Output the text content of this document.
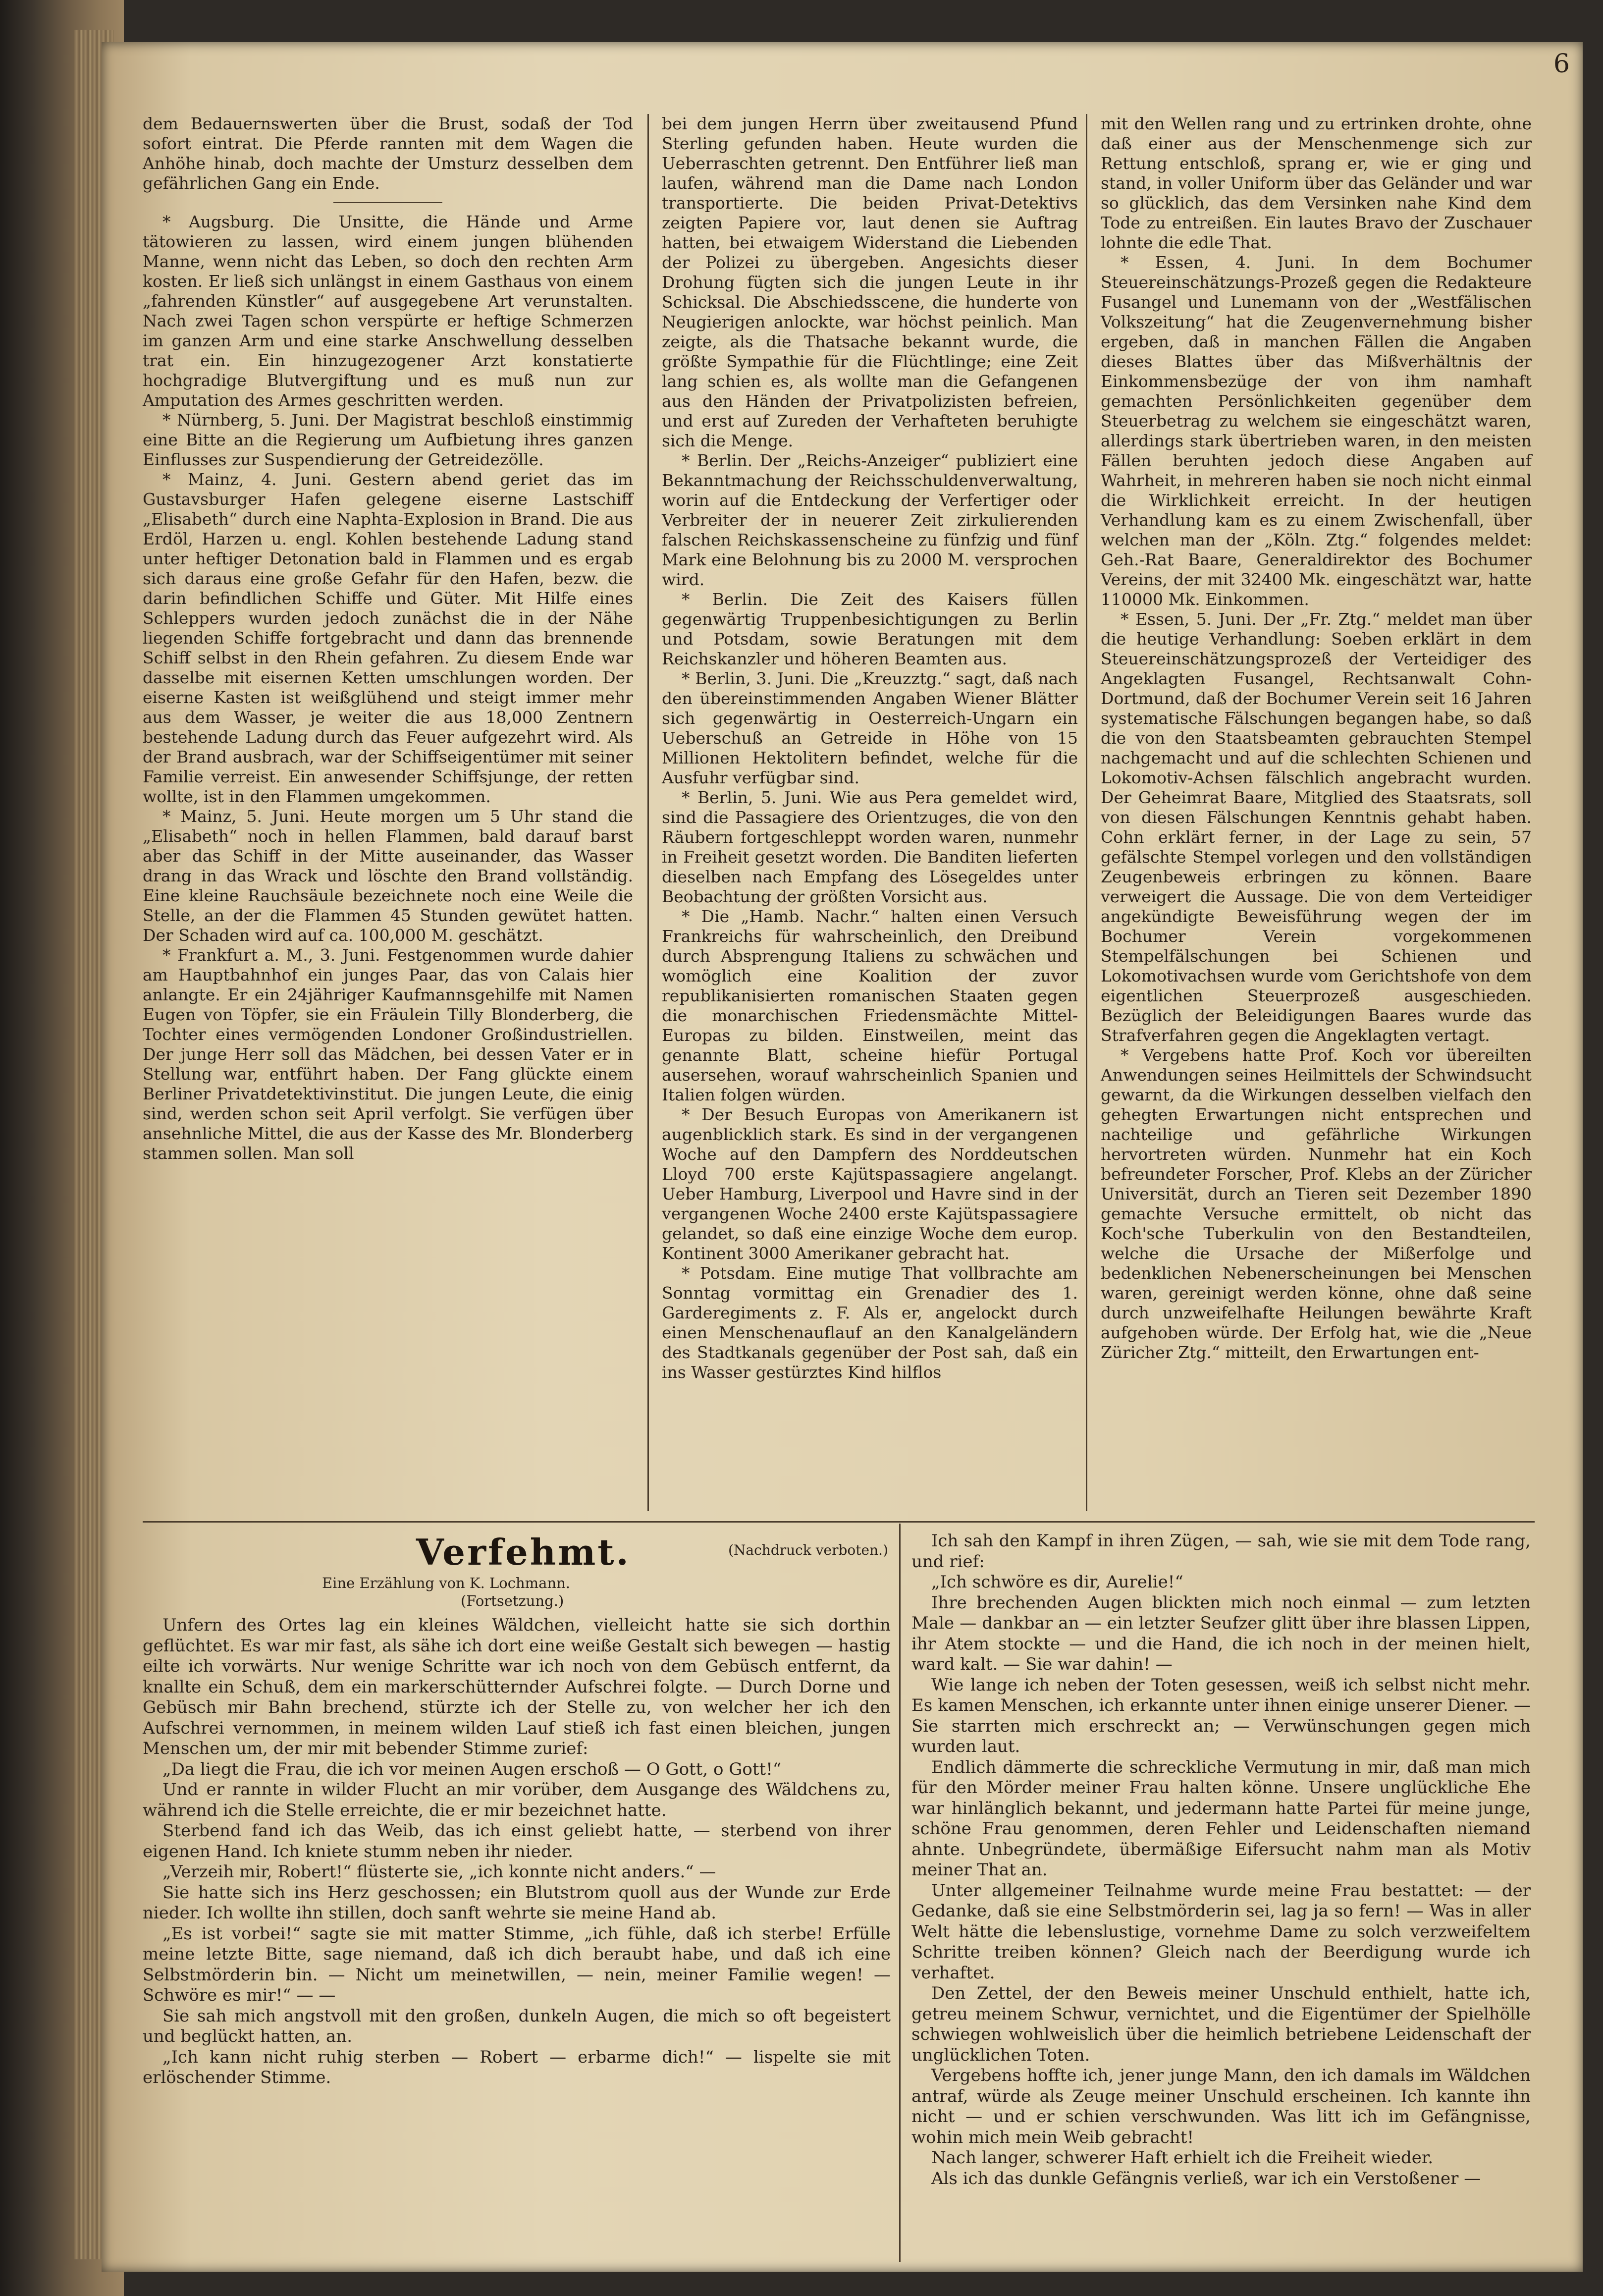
6

dem Bedauernswerten über die Brust, sodaß der Tod sofort eintrat. Die Pferde rannten mit dem Wagen die Anhöhe hinab, doch machte der Umsturz desselben dem gefährlichen Gang ein Ende.

* Augsburg. Die Unsitte, die Hände und Arme tätowieren zu lassen, wird einem jungen blühenden Manne, wenn nicht das Leben, so doch den rechten Arm kosten. Er ließ sich unlängst in einem Gasthaus von einem „fahrenden Künstler“ auf ausgegebene Art verunstalten. Nach zwei Tagen schon verspürte er heftige Schmerzen im ganzen Arm und eine starke Anschwellung desselben trat ein. Ein hinzugezogener Arzt konstatierte hochgradige Blutvergiftung und es muß nun zur Amputation des Armes geschritten werden.

* Nürnberg, 5. Juni. Der Magistrat beschloß einstimmig eine Bitte an die Regierung um Aufbietung ihres ganzen Einflusses zur Suspendierung der Getreidezölle.

* Mainz, 4. Juni. Gestern abend geriet das im Gustavsburger Hafen gelegene eiserne Lastschiff „Elisabeth“ durch eine Naphta-Explosion in Brand. Die aus Erdöl, Harzen u. engl. Kohlen bestehende Ladung stand unter heftiger Detonation bald in Flammen und es ergab sich daraus eine große Gefahr für den Hafen, bezw. die darin befindlichen Schiffe und Güter. Mit Hilfe eines Schleppers wurden jedoch zunächst die in der Nähe liegenden Schiffe fortgebracht und dann das brennende Schiff selbst in den Rhein gefahren. Zu diesem Ende war dasselbe mit eisernen Ketten umschlungen worden. Der eiserne Kasten ist weißglühend und steigt immer mehr aus dem Wasser, je weiter die aus 18,000 Zentnern bestehende Ladung durch das Feuer aufgezehrt wird. Als der Brand ausbrach, war der Schiffseigentümer mit seiner Familie verreist. Ein anwesender Schiffsjunge, der retten wollte, ist in den Flammen umgekommen.

* Mainz, 5. Juni. Heute morgen um 5 Uhr stand die „Elisabeth“ noch in hellen Flammen, bald darauf barst aber das Schiff in der Mitte auseinander, das Wasser drang in das Wrack und löschte den Brand vollständig. Eine kleine Rauchsäule bezeichnete noch eine Weile die Stelle, an der die Flammen 45 Stunden gewütet hatten. Der Schaden wird auf ca. 100,000 M. geschätzt.

* Frankfurt a. M., 3. Juni. Festgenommen wurde dahier am Hauptbahnhof ein junges Paar, das von Calais hier anlangte. Er ein 24jähriger Kaufmannsgehilfe mit Namen Eugen von Töpfer, sie ein Fräulein Tilly Blonderberg, die Tochter eines vermögenden Londoner Großindustriellen. Der junge Herr soll das Mädchen, bei dessen Vater er in Stellung war, entführt haben. Der Fang glückte einem Berliner Privatdetektivinstitut. Die jungen Leute, die einig sind, werden schon seit April verfolgt. Sie verfügen über ansehnliche Mittel, die aus der Kasse des Mr. Blonderberg stammen sollen. Man soll

bei dem jungen Herrn über zweitausend Pfund Sterling gefunden haben. Heute wurden die Ueberraschten getrennt. Den Entführer ließ man laufen, während man die Dame nach London transportierte. Die beiden Privat-Detektivs zeigten Papiere vor, laut denen sie Auftrag hatten, bei etwaigem Widerstand die Liebenden der Polizei zu übergeben. Angesichts dieser Drohung fügten sich die jungen Leute in ihr Schicksal. Die Abschiedsscene, die hunderte von Neugierigen anlockte, war höchst peinlich. Man zeigte, als die Thatsache bekannt wurde, die größte Sympathie für die Flüchtlinge; eine Zeit lang schien es, als wollte man die Gefangenen aus den Händen der Privatpolizisten befreien, und erst auf Zureden der Verhafteten beruhigte sich die Menge.

* Berlin. Der „Reichs-Anzeiger“ publiziert eine Bekanntmachung der Reichsschuldenverwaltung, worin auf die Entdeckung der Verfertiger oder Verbreiter der in neuerer Zeit zirkulierenden falschen Reichskassenscheine zu fünfzig und fünf Mark eine Belohnung bis zu 2000 M. versprochen wird.

* Berlin. Die Zeit des Kaisers füllen gegenwärtig Truppenbesichtigungen zu Berlin und Potsdam, sowie Beratungen mit dem Reichskanzler und höheren Beamten aus.

* Berlin, 3. Juni. Die „Kreuzztg.“ sagt, daß nach den übereinstimmenden Angaben Wiener Blätter sich gegenwärtig in Oesterreich-Ungarn ein Ueberschuß an Getreide in Höhe von 15 Millionen Hektolitern befindet, welche für die Ausfuhr verfügbar sind.

* Berlin, 5. Juni. Wie aus Pera gemeldet wird, sind die Passagiere des Orientzuges, die von den Räubern fortgeschleppt worden waren, nunmehr in Freiheit gesetzt worden. Die Banditen lieferten dieselben nach Empfang des Lösegeldes unter Beobachtung der größten Vorsicht aus.

* Die „Hamb. Nachr.“ halten einen Versuch Frankreichs für wahrscheinlich, den Dreibund durch Absprengung Italiens zu schwächen und womöglich eine Koalition der zuvor republikanisierten romanischen Staaten gegen die monarchischen Friedensmächte Mittel-Europas zu bilden. Einstweilen, meint das genannte Blatt, scheine hiefür Portugal ausersehen, worauf wahrscheinlich Spanien und Italien folgen würden.

* Der Besuch Europas von Amerikanern ist augenblicklich stark. Es sind in der vergangenen Woche auf den Dampfern des Norddeutschen Lloyd 700 erste Kajütspassagiere angelangt. Ueber Hamburg, Liverpool und Havre sind in der vergangenen Woche 2400 erste Kajütspassagiere gelandet, so daß eine einzige Woche dem europ. Kontinent 3000 Amerikaner gebracht hat.

* Potsdam. Eine mutige That vollbrachte am Sonntag vormittag ein Grenadier des 1. Garderegiments z. F. Als er, angelockt durch einen Menschenauflauf an den Kanalgeländern des Stadtkanals gegenüber der Post sah, daß ein ins Wasser gestürztes Kind hilflos

mit den Wellen rang und zu ertrinken drohte, ohne daß einer aus der Menschenmenge sich zur Rettung entschloß, sprang er, wie er ging und stand, in voller Uniform über das Geländer und war so glücklich, das dem Versinken nahe Kind dem Tode zu entreißen. Ein lautes Bravo der Zuschauer lohnte die edle That.

* Essen, 4. Juni. In dem Bochumer Steuereinschätzungs-Prozeß gegen die Redakteure Fusangel und Lunemann von der „Westfälischen Volkszeitung“ hat die Zeugenvernehmung bisher ergeben, daß in manchen Fällen die Angaben dieses Blattes über das Mißverhältnis der Einkommensbezüge der von ihm namhaft gemachten Persönlichkeiten gegenüber dem Steuerbetrag zu welchem sie eingeschätzt waren, allerdings stark übertrieben waren, in den meisten Fällen beruhten jedoch diese Angaben auf Wahrheit, in mehreren haben sie noch nicht einmal die Wirklichkeit erreicht. In der heutigen Verhandlung kam es zu einem Zwischenfall, über welchen man der „Köln. Ztg.“ folgendes meldet: Geh.-Rat Baare, Generaldirektor des Bochumer Vereins, der mit 32400 Mk. eingeschätzt war, hatte 110000 Mk. Einkommen.

* Essen, 5. Juni. Der „Fr. Ztg.“ meldet man über die heutige Verhandlung: Soeben erklärt in dem Steuereinschätzungsprozeß der Verteidiger des Angeklagten Fusangel, Rechtsanwalt Cohn-Dortmund, daß der Bochumer Verein seit 16 Jahren systematische Fälschungen begangen habe, so daß die von den Staatsbeamten gebrauchten Stempel nachgemacht und auf die schlechten Schienen und Lokomotiv-Achsen fälschlich angebracht wurden. Der Geheimrat Baare, Mitglied des Staatsrats, soll von diesen Fälschungen Kenntnis gehabt haben. Cohn erklärt ferner, in der Lage zu sein, 57 gefälschte Stempel vorlegen und den vollständigen Zeugenbeweis erbringen zu können. Baare verweigert die Aussage. Die von dem Verteidiger angekündigte Beweisführung wegen der im Bochumer Verein vorgekommenen Stempelfälschungen bei Schienen und Lokomotivachsen wurde vom Gerichtshofe von dem eigentlichen Steuerprozeß ausgeschieden. Bezüglich der Beleidigungen Baares wurde das Strafverfahren gegen die Angeklagten vertagt.

* Vergebens hatte Prof. Koch vor übereilten Anwendungen seines Heilmittels der Schwindsucht gewarnt, da die Wirkungen desselben vielfach den gehegten Erwartungen nicht entsprechen und nachteilige und gefährliche Wirkungen hervortreten würden. Nunmehr hat ein Koch befreundeter Forscher, Prof. Klebs an der Züricher Universität, durch an Tieren seit Dezember 1890 gemachte Versuche ermittelt, ob nicht das Koch'sche Tuberkulin von den Bestandteilen, welche die Ursache der Mißerfolge und bedenklichen Nebenerscheinungen bei Menschen waren, gereinigt werden könne, ohne daß seine durch unzweifelhafte Heilungen bewährte Kraft aufgehoben würde. Der Erfolg hat, wie die „Neue Züricher Ztg.“ mitteilt, den Erwartungen ent-

Verfehmt.	(Nachdruck verboten.)
Eine Erzählung von K. Lochmann.
(Fortsetzung.)

Unfern des Ortes lag ein kleines Wäldchen, vielleicht hatte sie sich dorthin geflüchtet. Es war mir fast, als sähe ich dort eine weiße Gestalt sich bewegen — hastig eilte ich vorwärts. Nur wenige Schritte war ich noch von dem Gebüsch entfernt, da knallte ein Schuß, dem ein markerschütternder Aufschrei folgte. — Durch Dorne und Gebüsch mir Bahn brechend, stürzte ich der Stelle zu, von welcher her ich den Aufschrei vernommen, in meinem wilden Lauf stieß ich fast einen bleichen, jungen Menschen um, der mir mit bebender Stimme zurief:

„Da liegt die Frau, die ich vor meinen Augen erschoß — O Gott, o Gott!“

Und er rannte in wilder Flucht an mir vorüber, dem Ausgange des Wäldchens zu, während ich die Stelle erreichte, die er mir bezeichnet hatte.

Sterbend fand ich das Weib, das ich einst geliebt hatte, — sterbend von ihrer eigenen Hand. Ich kniete stumm neben ihr nieder.

„Verzeih mir, Robert!“ flüsterte sie, „ich konnte nicht anders.“ —

Sie hatte sich ins Herz geschossen; ein Blutstrom quoll aus der Wunde zur Erde nieder. Ich wollte ihn stillen, doch sanft wehrte sie meine Hand ab.

„Es ist vorbei!“ sagte sie mit matter Stimme, „ich fühle, daß ich sterbe! Erfülle meine letzte Bitte, sage niemand, daß ich dich beraubt habe, und daß ich eine Selbstmörderin bin. — Nicht um meinetwillen, — nein, meiner Familie wegen! — Schwöre es mir!“ — —

Sie sah mich angstvoll mit den großen, dunkeln Augen, die mich so oft begeistert und beglückt hatten, an.

„Ich kann nicht ruhig sterben — Robert — erbarme dich!“ — lispelte sie mit erlöschender Stimme.

Ich sah den Kampf in ihren Zügen, — sah, wie sie mit dem Tode rang, und rief:

„Ich schwöre es dir, Aurelie!“

Ihre brechenden Augen blickten mich noch einmal — zum letzten Male — dankbar an — ein letzter Seufzer glitt über ihre blassen Lippen, ihr Atem stockte — und die Hand, die ich noch in der meinen hielt, ward kalt. — Sie war dahin! —

Wie lange ich neben der Toten gesessen, weiß ich selbst nicht mehr. Es kamen Menschen, ich erkannte unter ihnen einige unserer Diener. — Sie starrten mich erschreckt an; — Verwünschungen gegen mich wurden laut.

Endlich dämmerte die schreckliche Vermutung in mir, daß man mich für den Mörder meiner Frau halten könne. Unsere unglückliche Ehe war hinlänglich bekannt, und jedermann hatte Partei für meine junge, schöne Frau genommen, deren Fehler und Leidenschaften niemand ahnte. Unbegründete, übermäßige Eifersucht nahm man als Motiv meiner That an.

Unter allgemeiner Teilnahme wurde meine Frau bestattet: — der Gedanke, daß sie eine Selbstmörderin sei, lag ja so fern! — Was in aller Welt hätte die lebenslustige, vornehme Dame zu solch verzweifeltem Schritte treiben können? Gleich nach der Beerdigung wurde ich verhaftet.

Den Zettel, der den Beweis meiner Unschuld enthielt, hatte ich, getreu meinem Schwur, vernichtet, und die Eigentümer der Spielhölle schwiegen wohlweislich über die heimlich betriebene Leidenschaft der unglücklichen Toten.

Vergebens hoffte ich, jener junge Mann, den ich damals im Wäldchen antraf, würde als Zeuge meiner Unschuld erscheinen. Ich kannte ihn nicht — und er schien verschwunden. Was litt ich im Gefängnisse, wohin mich mein Weib gebracht!

Nach langer, schwerer Haft erhielt ich die Freiheit wieder.

Als ich das dunkle Gefängnis verließ, war ich ein Verstoßener —
